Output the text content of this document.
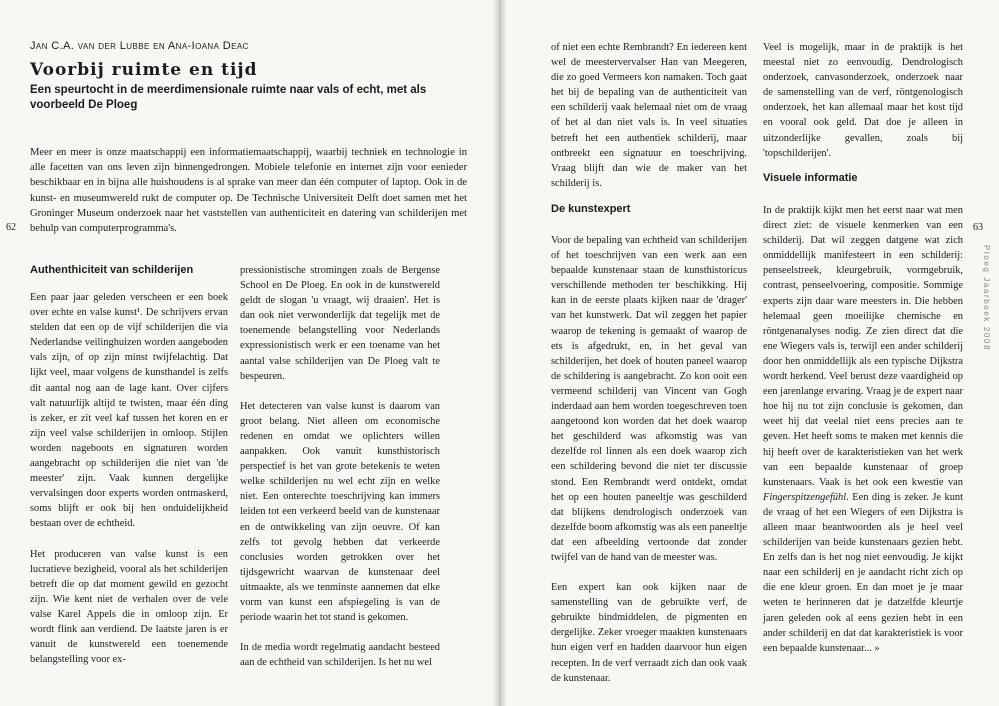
Jan C.A. van der Lubbe en Ana-Ioana Deac
Voorbij ruimte en tijd
Een speurtocht in de meerdimensionale ruimte naar vals of echt, met als voorbeeld De Ploeg
Meer en meer is onze maatschappij een informatiemaatschappij, waarbij techniek en technologie in alle facetten van ons leven zijn binnengedrongen. Mobiele telefonie en internet zijn voor eenieder beschikbaar en in bijna alle huishoudens is al sprake van meer dan één computer of laptop. Ook in de kunst- en museumwereld rukt de computer op. De Technische Universiteit Delft doet samen met het Groninger Museum onderzoek naar het vaststellen van authenticiteit en datering van schilderijen met behulp van computerprogramma's.
62
Authenthiciteit van schilderijen

Een paar jaar geleden verscheen er een boek over echte en valse kunst¹. De schrijvers ervan stelden dat een op de vijf schilderijen die via Nederlandse veilinghuizen worden aangeboden vals zijn, of op zijn minst twijfelachtig. Dat lijkt veel, maar volgens de kunsthandel is zelfs dit aantal nog aan de lage kant. Over cijfers valt natuurlijk altijd te twisten, maar één ding is zeker, er zit veel kaf tussen het koren en er zijn veel valse schilderijen in omloop. Stijlen worden nageboots en signaturen worden aangebracht op schilderijen die niet van 'de meester' zijn. Vaak kunnen dergelijke vervalsingen door experts worden ontmaskerd, soms blijft er ook bij hen onduidelijkheid bestaan over de echtheid.

Het produceren van valse kunst is een lucratieve bezigheid, vooral als het schilderijen betreft die op dat moment gewild en gezocht zijn. Wie kent niet de verhalen over de vele valse Karel Appels die in omloop zijn. Er wordt flink aan verdiend. De laatste jaren is er vanuit de kunstwereld een toenemende belangstelling voor ex-

pressionistische stromingen zoals de Bergense School en De Ploeg. En ook in de kunstwereld geldt de slogan 'u vraagt, wij draaien'. Het is dan ook niet verwonderlijk dat tegelijk met de toenemende belangstelling voor Nederlands expressionistisch werk er een toename van het aantal valse schilderijen van De Ploeg valt te bespeuren.

Het detecteren van valse kunst is daarom van groot belang. Niet alleen om economische redenen en omdat we oplichters willen aanpakken. Ook vanuit kunsthistorisch perspectief is het van grote betekenis te weten welke schilderijen nu wel echt zijn en welke niet. Een onterechte toeschrijving kan immers leiden tot een verkeerd beeld van de kunstenaar en de ontwikkeling van zijn oeuvre. Of kan zelfs tot gevolg hebben dat verkeerde conclusies worden getrokken over het tijdsgewricht waarvan de kunstenaar deel uitmaakte, als we tenminste aannemen dat elke vorm van kunst een afspiegeling is van de periode waarin het tot stand is gekomen.

In de media wordt regelmatig aandacht besteed aan de echtheid van schilderijen. Is het nu wel

of niet een echte Rembrandt? En iedereen kent wel de meestervervalser Han van Meegeren, die zo goed Vermeers kon namaken. Toch gaat het bij de bepaling van de authenticiteit van een schilderij vaak helemaal niet om de vraag of het al dan niet vals is. In veel situaties betreft het een authentiek schilderij, maar ontbreekt een signatuur en toeschrijving. Vraag blijft dan wie de maker van het schilderij is.

De kunstexpert

Voor de bepaling van echtheid van schilderijen of het toeschrijven van een werk aan een bepaalde kunstenaar staan de kunsthistoricus verschillende methoden ter beschikking. Hij kan in de eerste plaats kijken naar de 'drager' van het kunstwerk. Dat wil zeggen het papier waarop de tekening is gemaakt of waarop de ets is afgedrukt, en, in het geval van schilderijen, het doek of houten paneel waarop de schildering is aangebracht. Zo kon ooit een vermeend schilderij van Vincent van Gogh inderdaad aan hem worden toegeschreven toen aangetoond kon worden dat het doek waarop het geschilderd was afkomstig was van dezelfde rol linnen als een doek waarop zich een schildering bevond die niet ter discussie stond. Een Rembrandt werd ontdekt, omdat het op een houten paneeltje was geschilderd dat blijkens dendrologisch onderzoek van dezelfde boom afkomstig was als een paneeltje dat een afbeelding vertoonde dat zonder twijfel van de hand van de meester was.

Een expert kan ook kijken naar de samenstelling van de gebruikte verf, de gebruikte bindmiddelen, de pigmenten en dergelijke. Zeker vroeger maakten kunstenaars hun eigen verf en hadden daarvoor hun eigen recepten. In de verf verraadt zich dan ook vaak de kunstenaar.

Veel is mogelijk, maar in de praktijk is het meestal niet zo eenvoudig. Dendrologisch onderzoek, canvasonderzoek, onderzoek naar de samenstelling van de verf, röntgenologisch onderzoek, het kan allemaal maar het kost tijd en vooral ook geld. Dat doe je alleen in uitzonderlijke gevallen, zoals bij 'topschilderijen'.

Visuele informatie

In de praktijk kijkt men het eerst naar wat men direct ziet: de visuele kenmerken van een schilderij. Dat wil zeggen datgene wat zich onmiddellijk manifesteert in een schilderij: penseelstreek, kleurgebruik, vormgebruik, contrast, penseelvoering, compositie. Sommige experts zijn daar ware meesters in. Die hebben helemaal geen moeilijke chemische en röntgenanalyses nodig. Ze zien direct dat die ene Wiegers vals is, terwijl een ander schilderij door hen onmiddellijk als een typische Dijkstra wordt herkend. Veel berust deze vaardigheid op een jarenlange ervaring. Vraag je de expert naar hoe hij nu tot zijn conclusie is gekomen, dan weet hij dat veelal niet eens precies aan te geven. Het heeft soms te maken met kennis die hij heeft over de karakteristieken van het werk van een bepaalde kunstenaar of groep kunstenaars. Vaak is het ook een kwestie van Fingerspitzengefühl. Een ding is zeker. Je kunt de vraag of het een Wiegers of een Dijkstra is alleen maar beantwoorden als je heel veel schilderijen van beide kunstenaars gezien hebt. En zelfs dan is het nog niet eenvoudig. Je kijkt naar een schilderij en je aandacht richt zich op die ene kleur groen. En dan moet je je maar weten te herinneren dat je datzelfde kleurtje jaren geleden ook al eens gezien hebt in een ander schilderij en dat dat karakteristiek is voor een bepaalde kunstenaar... »

63
Ploeg Jaarboek 2008
